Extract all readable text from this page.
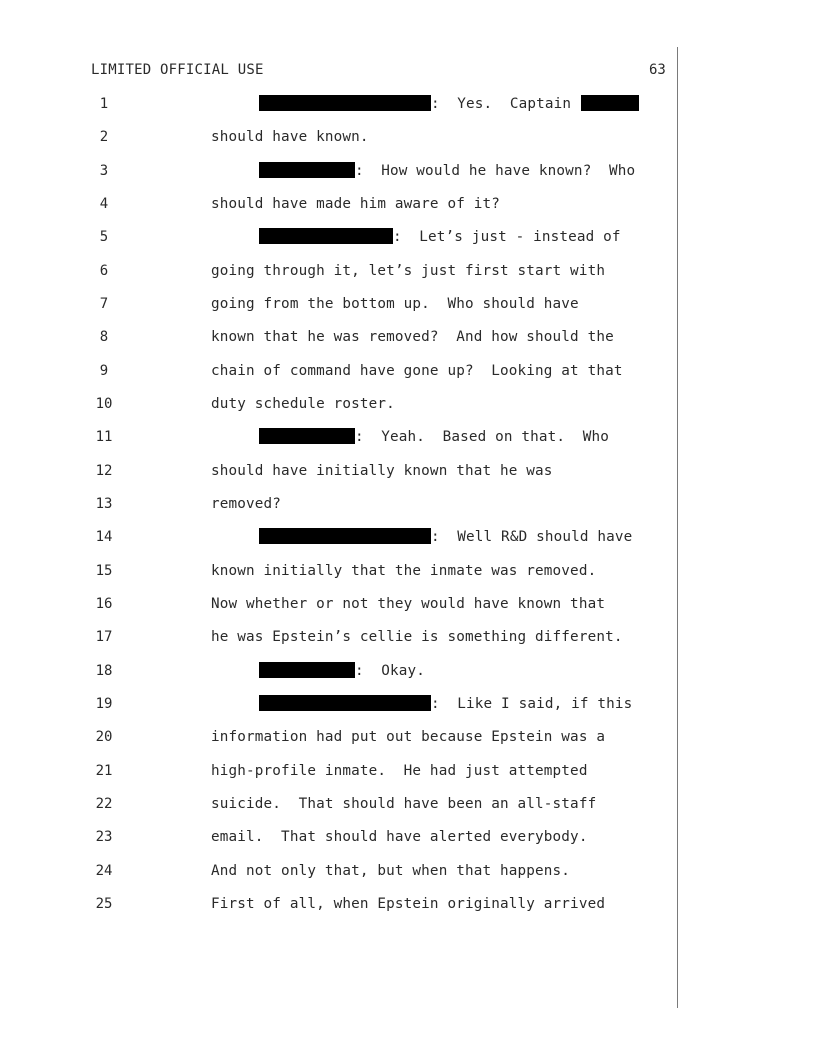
LIMITED OFFICIAL USE	63
1	:  Yes.  Captain
2	should have known.
3	:  How would he have known?  Who
4	should have made him aware of it?
5	:  Let’s just - instead of
6	going through it, let’s just first start with
7	going from the bottom up.  Who should have
8	known that he was removed?  And how should the
9	chain of command have gone up?  Looking at that
10	duty schedule roster.
11	:  Yeah.  Based on that.  Who
12	should have initially known that he was
13	removed?
14	:  Well R&D should have
15	known initially that the inmate was removed.
16	Now whether or not they would have known that
17	he was Epstein’s cellie is something different.
18	:  Okay.
19	:  Like I said, if this
20	information had put out because Epstein was a
21	high-profile inmate.  He had just attempted
22	suicide.  That should have been an all-staff
23	email.  That should have alerted everybody.
24	And not only that, but when that happens.
25	First of all, when Epstein originally arrived
